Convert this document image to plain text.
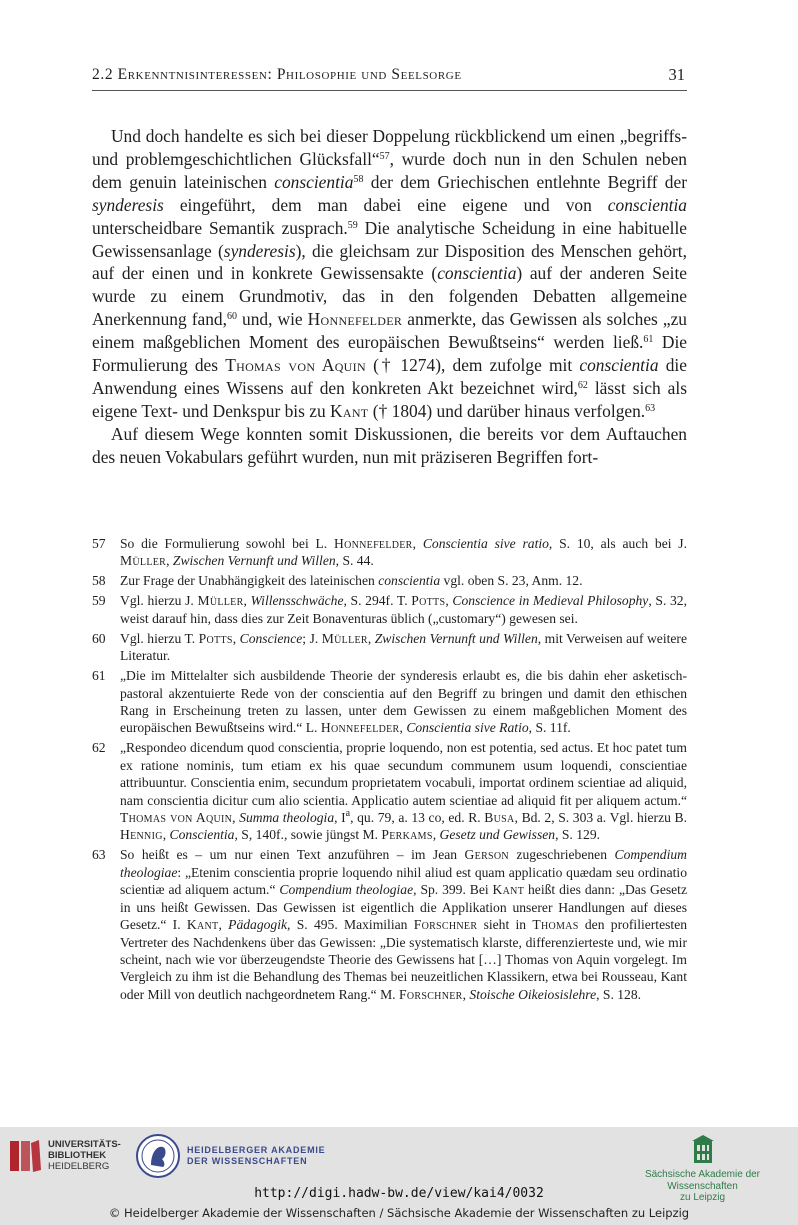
2.2 Erkenntnisinteressen: Philosophie und Seelsorge	31

Und doch handelte es sich bei dieser Doppelung rückblickend um einen „begriffs- und problemgeschichtlichen Glücksfall“$^{57}$, wurde doch nun in den Schulen neben dem genuin lateinischen conscientia$^{58}$ der dem Griechischen entlehnte Begriff der synderesis eingeführt, dem man dabei eine eigene und von conscientia unterscheidbare Semantik zusprach.$^{59}$ Die analytische Scheidung in eine habituelle Gewissensanlage (synderesis), die gleichsam zur Disposition des Menschen gehört, auf der einen und in konkrete Gewissensakte (conscientia) auf der anderen Seite wurde zu einem Grundmotiv, das in den folgenden Debatten allgemeine Anerkennung fand,$^{60}$ und, wie Honnefelder anmerkte, das Gewissen als solches „zu einem maßgeblichen Moment des europäischen Bewußtseins“ werden ließ.$^{61}$ Die Formulierung des Thomas von Aquin († 1274), dem zufolge mit conscientia die Anwendung eines Wissens auf den konkreten Akt bezeichnet wird,$^{62}$ lässt sich als eigene Text- und Denkspur bis zu Kant († 1804) und darüber hinaus verfolgen.$^{63}$

Auf diesem Wege konnten somit Diskussionen, die bereits vor dem Auftauchen des neuen Vokabulars geführt wurden, nun mit präziseren Begriffen fort-

57 So die Formulierung sowohl bei L. Honnefelder, Conscientia sive ratio, S. 10, als auch bei J. Müller, Zwischen Vernunft und Willen, S. 44.
58 Zur Frage der Unabhängigkeit des lateinischen conscientia vgl. oben S. 23, Anm. 12.
59 Vgl. hierzu J. Müller, Willensschwäche, S. 294f. T. Potts, Conscience in Medieval Philosophy, S. 32, weist darauf hin, dass dies zur Zeit Bonaventuras üblich („customary“) gewesen sei.
60 Vgl. hierzu T. Potts, Conscience; J. Müller, Zwischen Vernunft und Willen, mit Verweisen auf weitere Literatur.
61 „Die im Mittelalter sich ausbildende Theorie der synderesis erlaubt es, die bis dahin eher asketisch-pastoral akzentuierte Rede von der conscientia auf den Begriff zu bringen und damit den ethischen Rang in Erscheinung treten zu lassen, unter dem Gewissen zu einem maßgeblichen Moment des europäischen Bewußtseins wird.“ L. Honnefelder, Conscientia sive Ratio, S. 11f.
62 „Respondeo dicendum quod conscientia, proprie loquendo, non est potentia, sed actus. Et hoc patet tum ex ratione nominis, tum etiam ex his quae secundum communem usum loquendi, conscientiae attribuuntur. Conscientia enim, secundum proprietatem vocabuli, importat ordinem scientiae ad aliquid, nam conscientia dicitur cum alio scientia. Applicatio autem scientiae ad aliquid fit per aliquem actum.“ Thomas von Aquin, Summa theologia, $I^a$, qu. 79, a. 13 co, ed. R. Busa, Bd. 2, S. 303 a. Vgl. hierzu B. Hennig, Conscientia, S, 140f., sowie jüngst M. Perkams, Gesetz und Gewissen, S. 129.
63 So heißt es – um nur einen Text anzuführen – im Jean Gerson zugeschriebenen Compendium theologiae: „Etenim conscientia proprie loquendo nihil aliud est quam applicatio quædam seu ordinatio scientiæ ad aliquem actum.“ Compendium theologiae, Sp. 399. Bei Kant heißt dies dann: „Das Gesetz in uns heißt Gewissen. Das Gewissen ist eigentlich die Applikation unserer Handlungen auf dieses Gesetz.“ I. Kant, Pädagogik, S. 495. Maximilian Forschner sieht in Thomas den profiliertesten Vertreter des Nachdenkens über das Gewissen: „Die systematisch klarste, differenzierteste und, wie mir scheint, nach wie vor überzeugendste Theorie des Gewissens hat […] Thomas von Aquin vorgelegt. Im Vergleich zu ihm ist die Behandlung des Themas bei neuzeitlichen Klassikern, etwa bei Rousseau, Kant oder Mill von deutlich nachgeordnetem Rang.“ M. Forschner, Stoische Oikeiosislehre, S. 128.
UNIVERSITÄTS-
BIBLIOTHEK
HEIDELBERG
HEIDELBERGER AKADEMIE
DER WISSENSCHAFTEN
Sächsische Akademie der Wissenschaften
zu Leipzig
http://digi.hadw-bw.de/view/kai4/0032
© Heidelberger Akademie der Wissenschaften / Sächsische Akademie der Wissenschaften zu Leipzig
